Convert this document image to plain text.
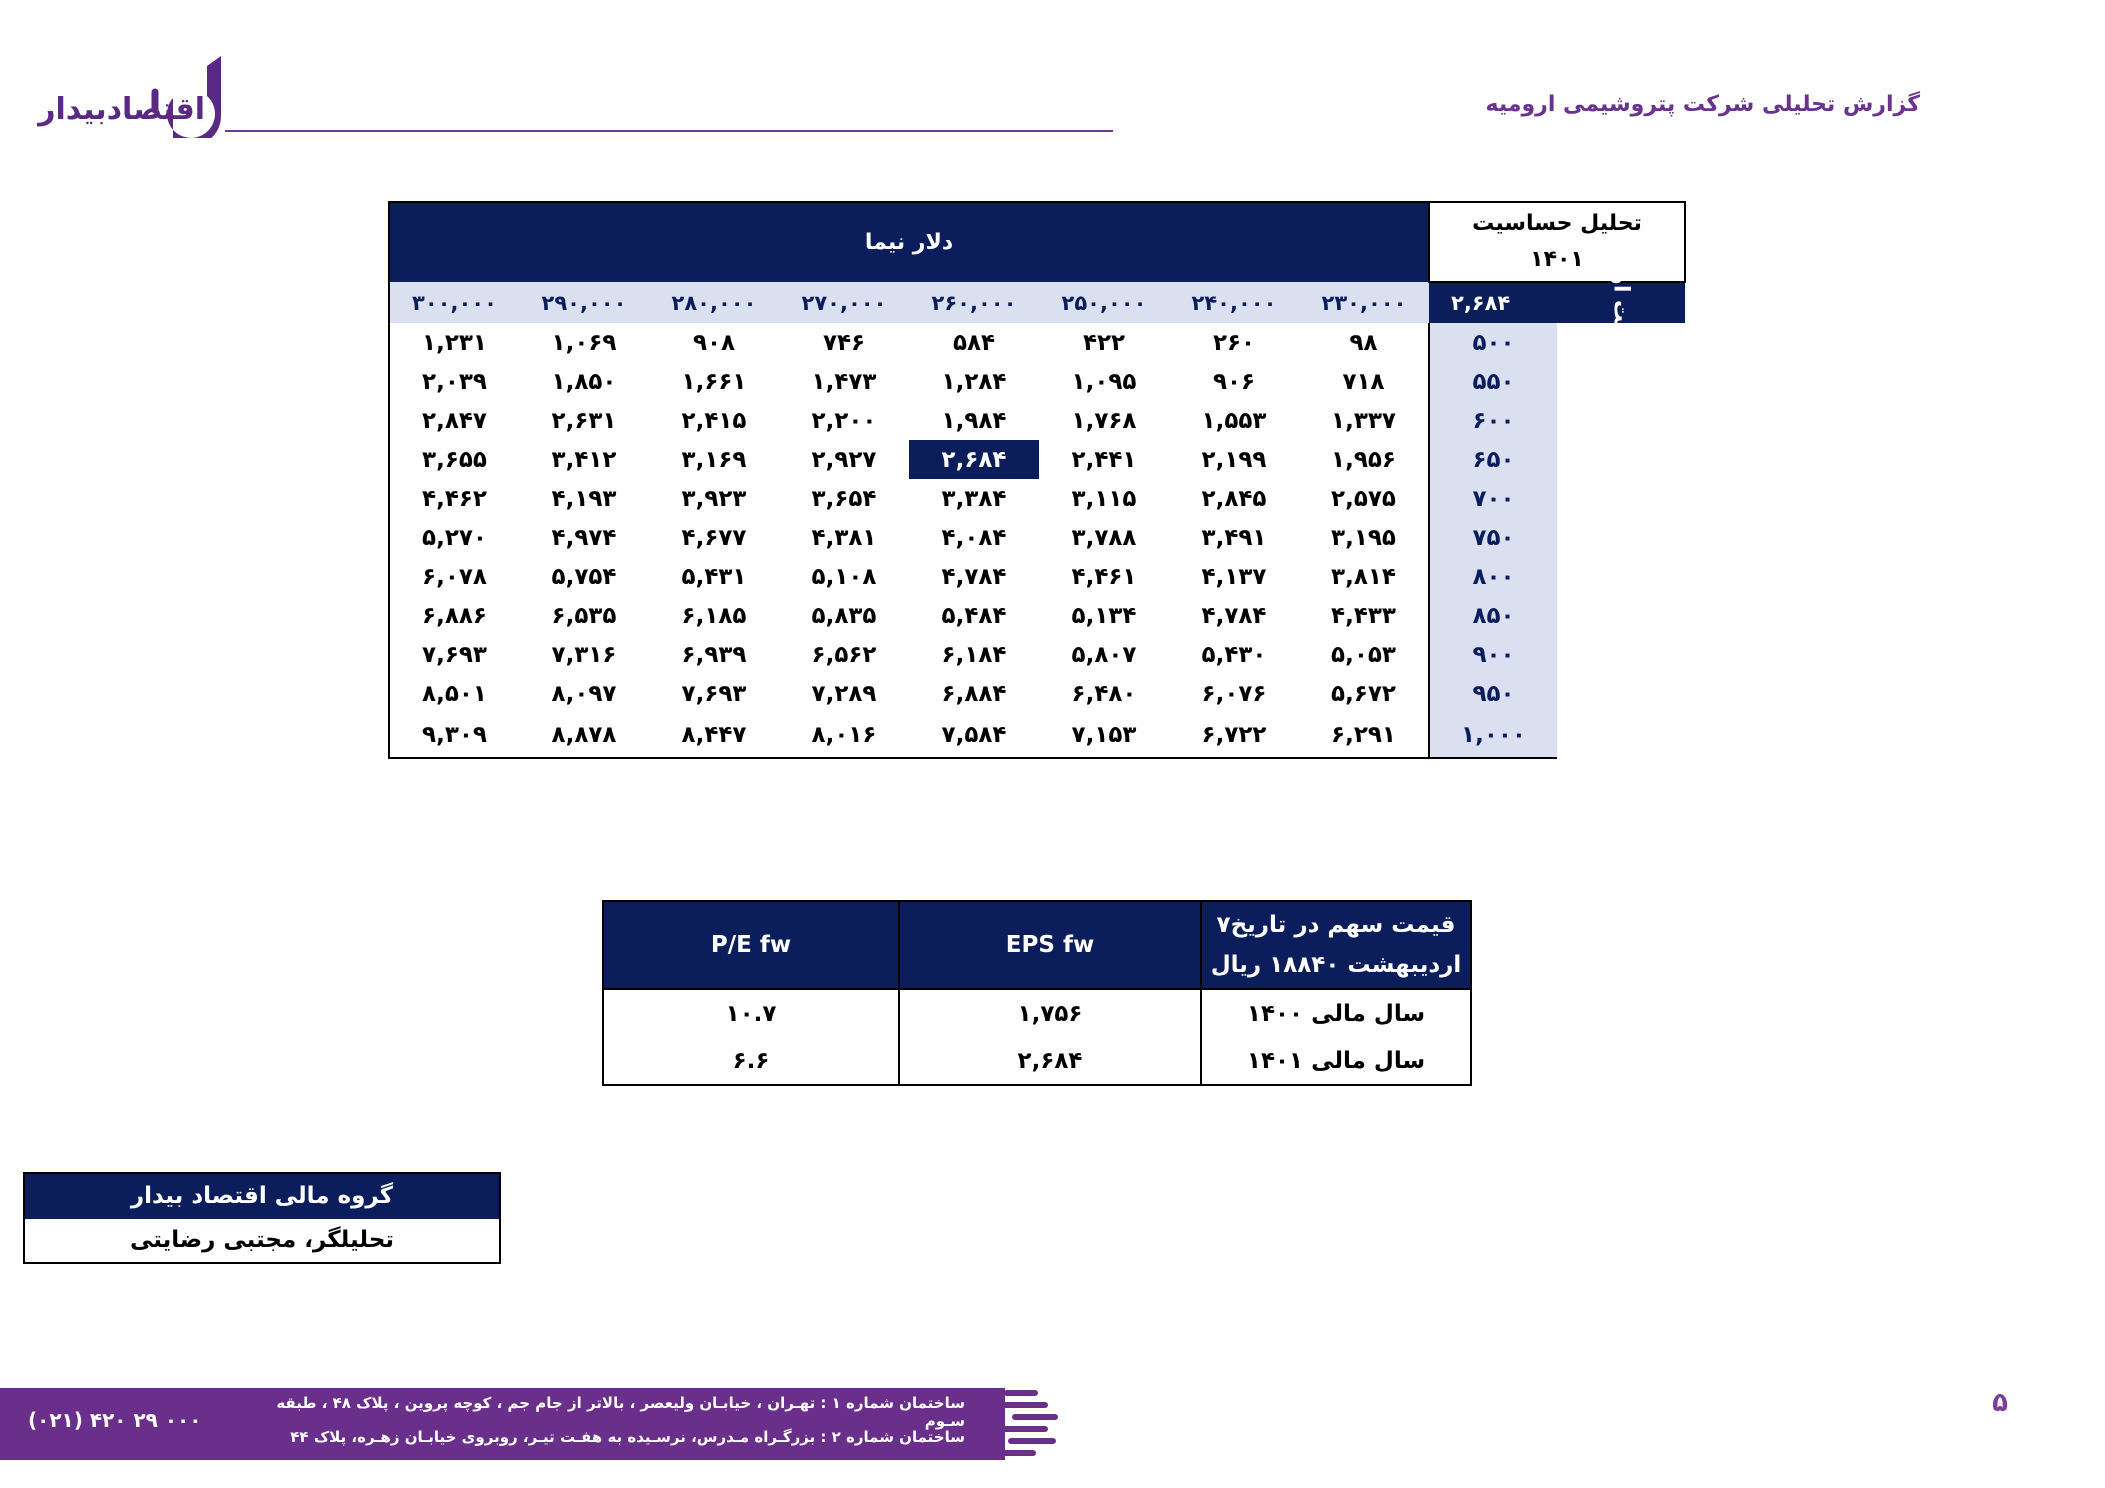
اقتصادبیدار	گزارش تحلیلی شرکت پتروشیمی ارومیه
دلار نیما								تحلیل حساسیت
۱۴۰۱	

۳۰۰,۰۰۰	۲۹۰,۰۰۰	۲۸۰,۰۰۰	۲۷۰,۰۰۰	۲۶۰,۰۰۰	۲۵۰,۰۰۰	۲۴۰,۰۰۰	۲۳۰,۰۰۰	۲,۶۸۴	قیمت اوره
۱,۲۳۱	۱,۰۶۹	۹۰۸	۷۴۶	۵۸۴	۴۲۲	۲۶۰	۹۸	۵۰۰	
۲,۰۳۹	۱,۸۵۰	۱,۶۶۱	۱,۴۷۳	۱,۲۸۴	۱,۰۹۵	۹۰۶	۷۱۸	۵۵۰	
۲,۸۴۷	۲,۶۳۱	۲,۴۱۵	۲,۲۰۰	۱,۹۸۴	۱,۷۶۸	۱,۵۵۳	۱,۳۳۷	۶۰۰	
۳,۶۵۵	۳,۴۱۲	۳,۱۶۹	۲,۹۲۷	۲,۶۸۴	۲,۴۴۱	۲,۱۹۹	۱,۹۵۶	۶۵۰	
۴,۴۶۲	۴,۱۹۳	۳,۹۲۳	۳,۶۵۴	۳,۳۸۴	۳,۱۱۵	۲,۸۴۵	۲,۵۷۵	۷۰۰	
۵,۲۷۰	۴,۹۷۴	۴,۶۷۷	۴,۳۸۱	۴,۰۸۴	۳,۷۸۸	۳,۴۹۱	۳,۱۹۵	۷۵۰	
۶,۰۷۸	۵,۷۵۴	۵,۴۳۱	۵,۱۰۸	۴,۷۸۴	۴,۴۶۱	۴,۱۳۷	۳,۸۱۴	۸۰۰	
۶,۸۸۶	۶,۵۳۵	۶,۱۸۵	۵,۸۳۵	۵,۴۸۴	۵,۱۳۴	۴,۷۸۴	۴,۴۳۳	۸۵۰	
۷,۶۹۳	۷,۳۱۶	۶,۹۳۹	۶,۵۶۲	۶,۱۸۴	۵,۸۰۷	۵,۴۳۰	۵,۰۵۳	۹۰۰	
۸,۵۰۱	۸,۰۹۷	۷,۶۹۳	۷,۲۸۹	۶,۸۸۴	۶,۴۸۰	۶,۰۷۶	۵,۶۷۲	۹۵۰	
۹,۳۰۹	۸,۸۷۸	۸,۴۴۷	۸,۰۱۶	۷,۵۸۴	۷,۱۵۳	۶,۷۲۲	۶,۲۹۱	۱,۰۰۰	
P/E fw	EPS fw	قیمت سهم در تاریخ۷
اردیبهشت ۱۸۸۴۰ ریال

۱۰.۷	۱,۷۵۶	سال مالی ۱۴۰۰
۶.۶	۲,۶۸۴	سال مالی ۱۴۰۱
گروه مالی اقتصاد بیدار
تحلیلگر، مجتبی رضایتی
(۰۲۱) ۴۲۰ ۲۹ ۰۰۰
ساختمان شماره ۱ : تهـران ، خیابـان ولیعصر ، بالاتر از جام جم ، کوچه پروین ، پلاک ۴۸ ، طبقه سـوم
ساختمان شماره ۲ : بزرگـراه مـدرس، نرسـیده به هفـت تیـر، روبروی خیابـان زهـره، پلاک ۴۴
۵
